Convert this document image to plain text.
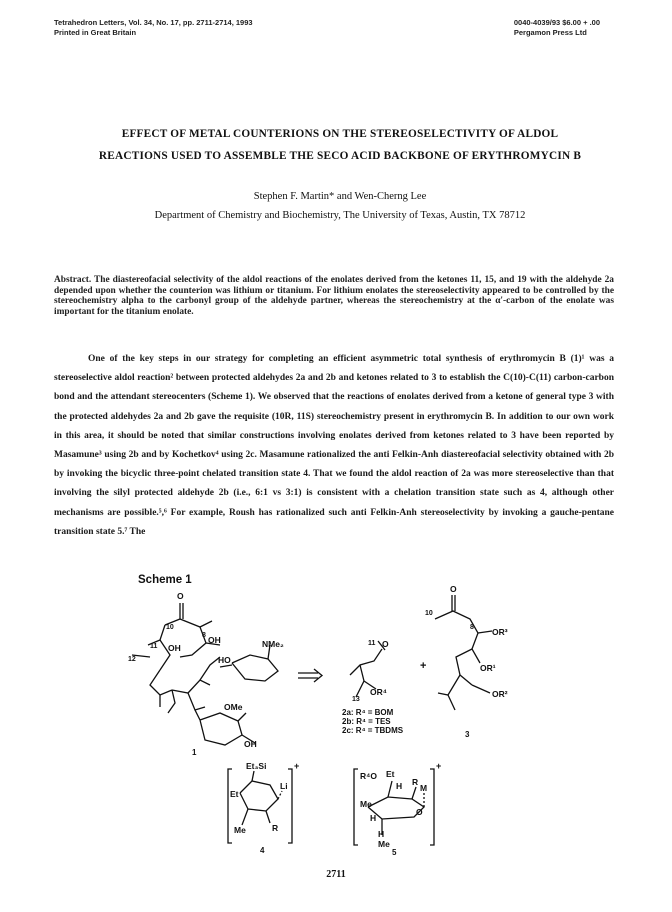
Tetrahedron Letters, Vol. 34, No. 17, pp. 2711-2714, 1993
Printed in Great Britain
0040-4039/93 $6.00 + .00
Pergamon Press Ltd
EFFECT OF METAL COUNTERIONS ON THE STEREOSELECTIVITY OF ALDOL
REACTIONS USED TO ASSEMBLE THE SECO ACID BACKBONE OF ERYTHROMYCIN B
Stephen F. Martin* and Wen-Cherng Lee
Department of Chemistry and Biochemistry, The University of Texas, Austin, TX 78712
Abstract. The diastereofacial selectivity of the aldol reactions of the enolates derived from the ketones 11, 15, and 19 with the aldehyde 2a depended upon whether the counterion was lithium or titanium. For lithium enolates the stereoselectivity appeared to be controlled by the stereochemistry alpha to the carbonyl group of the aldehyde partner, whereas the stereochemistry at the α'-carbon of the enolate was important for the titanium enolate.

One of the key steps in our strategy for completing an efficient asymmetric total synthesis of erythromycin B (1)¹ was a stereoselective aldol reaction² between protected aldehydes 2a and 2b and ketones related to 3 to establish the C(10)-C(11) carbon-carbon bond and the attendant stereocenters (Scheme 1). We observed that the reactions of enolates derived from a ketone of general type 3 with the protected aldehydes 2a and 2b gave the requisite (10R, 11S) stereochemistry present in erythromycin B. In addition to our own work in this area, it should be noted that similar constructions involving enolates derived from ketones related to 3 have been reported by Masamune³ using 2b and by Kochetkov⁴ using 2c. Masamune rationalized the anti Felkin-Anh diastereofacial selectivity obtained with 2b by invoking the bicyclic three-point chelated transition state 4. That we found the aldol reaction of 2a was more stereoselective than that involving the silyl protected aldehyde 2b (i.e., 6:1 vs 3:1) is consistent with a chelation transition state such as 4, although other mechanisms are possible.⁵,⁶ For example, Roush has rationalized such anti Felkin-Anh stereoselectivity by invoking a gauche-pentane transition state 5.⁷ The

Scheme 1
O
10
8
11
12
OH
OH	NMe₂
HO
OMe
OH
11 O
13
OR⁴
O
10
8 OR³
OR²
OR¹
Et₃Si
Et
Li
R
Me
R⁴O Et
H R
Me
H
H
M
Me
O
+	+
+
2a: R⁴ = BOM
2b: R⁴ = TES
2c: R⁴ = TBDMS
1
3
4	5
2711
